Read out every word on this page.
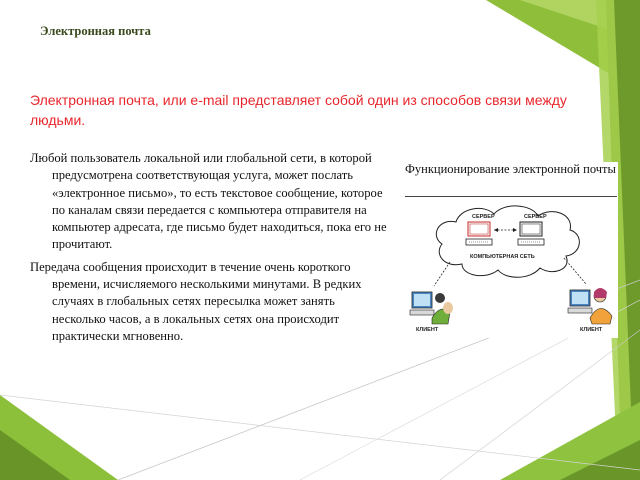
Электронная почта
Электронная почта, или e-mail представляет собой один из способов связи между людьми.

Любой пользователь локальной или глобальной сети, в которой предусмотрена соответствующая услуга, может послать «электронное письмо», то есть текстовое сообщение, которое по каналам связи передается с компьютера отправителя на компьютер адресата, где письмо будет находиться, пока его не прочитают.

Передача сообщения происходит в течение очень короткого времени, исчисляемого несколькими минутами. В редких случаях в глобальных сетях пересылка может занять несколько часов, а в локальных сетях она происходит практически мгновенно.

Функционирование электронной почты
СЕРВЕР	СЕРВЕР
КОМПЬЮТЕРНАЯ СЕТЬ
КЛИЕНТ	КЛИЕНТ
